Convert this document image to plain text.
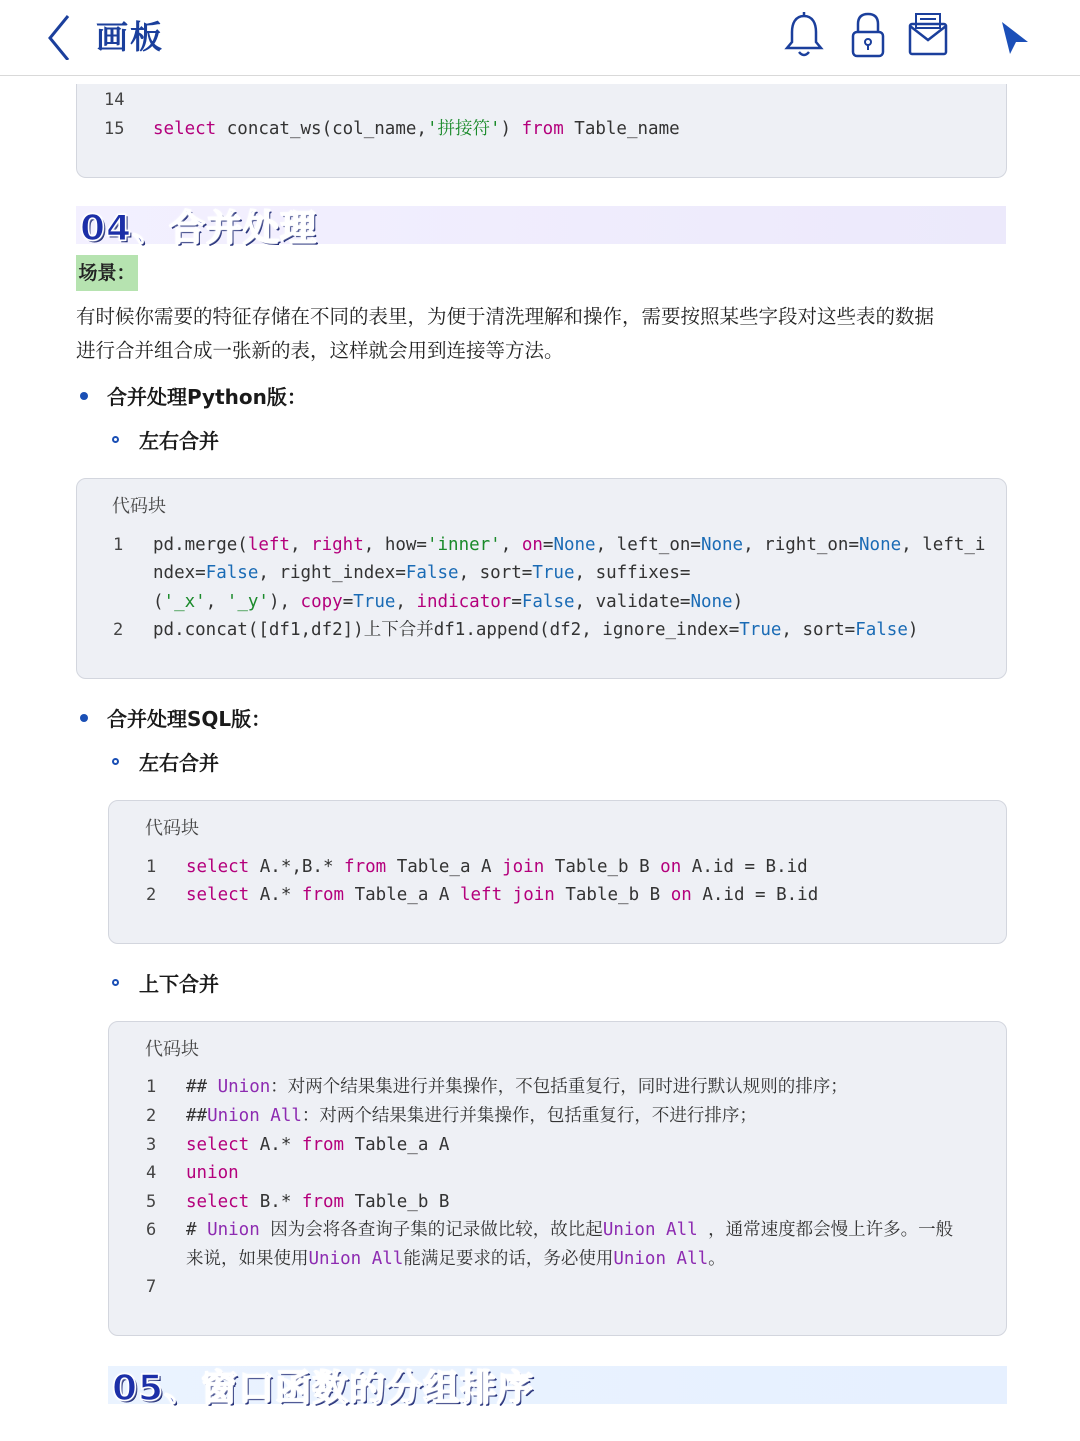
画板
14
15 select concat_ws(col_name,'拼接符') from Table_name
04、合并处理
场景：
有时候你需要的特征存储在不同的表里，为便于清洗理解和操作，需要按照某些字段对这些表的数据
进行合并组合成一张新的表，这样就会用到连接等方法。
合并处理Python版：
左右合并
代码块
1 pd.merge(left, right, how='inner', on=None, left_on=None, right_on=None, left_i
ndex=False, right_index=False, sort=True, suffixes=
('_x', '_y'), copy=True, indicator=False, validate=None)
2 pd.concat([df1,df2])上下合并df1.append(df2, ignore_index=True, sort=False)
合并处理SQL版：
左右合并
代码块
1 select A.*,B.* from Table_a A join Table_b B on A.id = B.id
2 select A.* from Table_a A left join Table_b B on A.id = B.id
上下合并
代码块
1 ## Union：对两个结果集进行并集操作，不包括重复行，同时进行默认规则的排序；
2 ##Union All：对两个结果集进行并集操作，包括重复行，不进行排序；
3 select A.* from Table_a A
4 union
5 select B.* from Table_b B
6 # Union 因为会将各查询子集的记录做比较，故比起Union All ，通常速度都会慢上许多。一般
来说，如果使用Union All能满足要求的话，务必使用Union All。
7
05、窗口函数的分组排序
